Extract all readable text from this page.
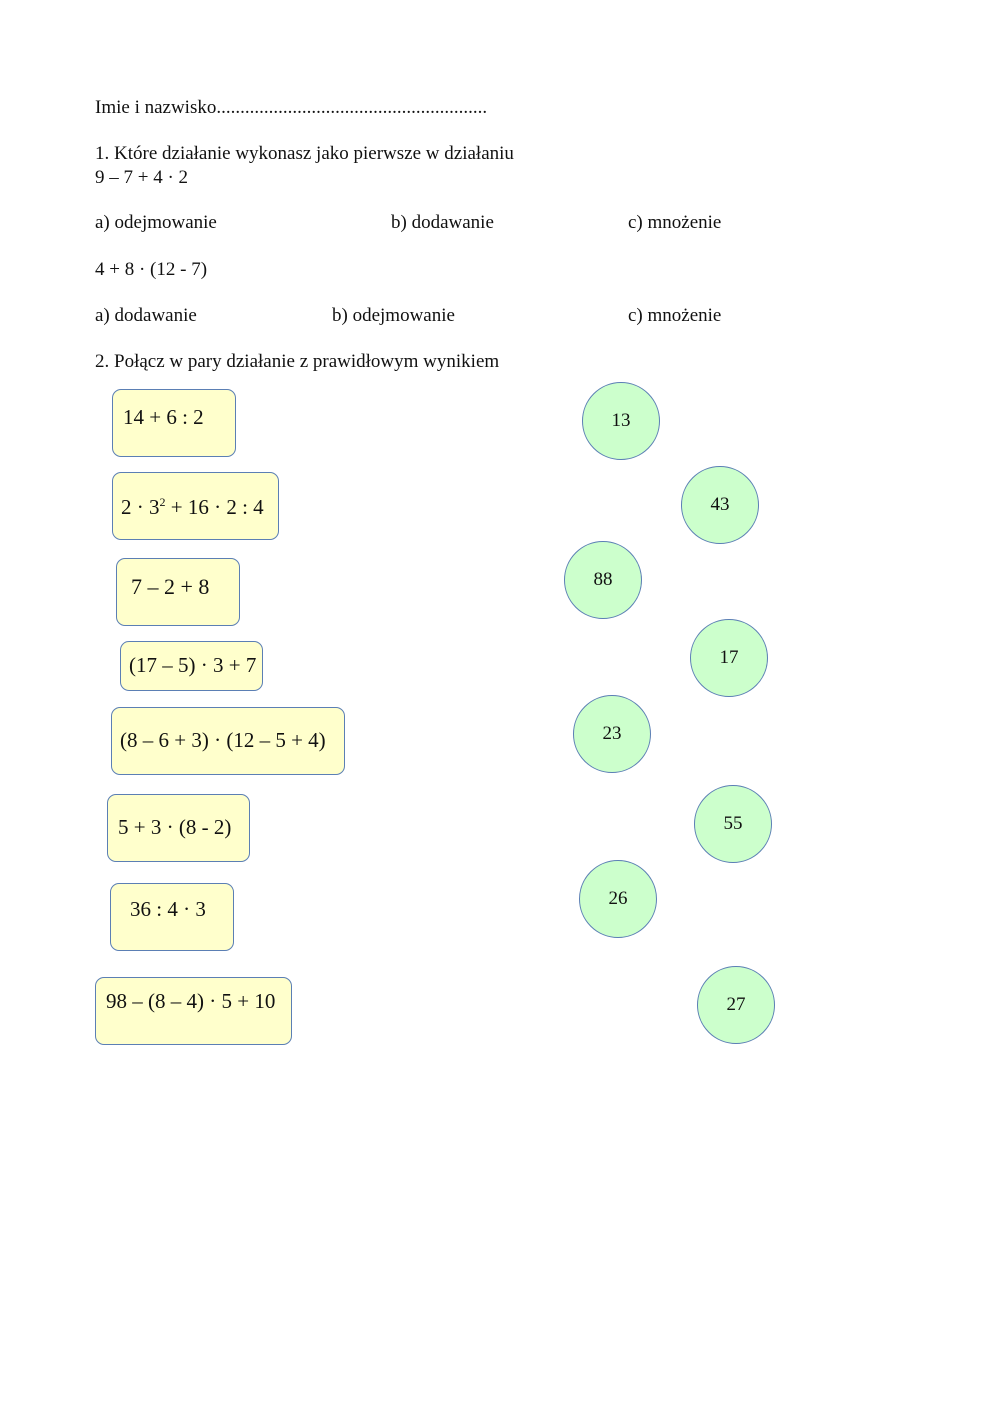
Imie i nazwisko.........................................................
1. Które działanie wykonasz jako pierwsze w działaniu
9 – 7 + 4 · 2
a) odejmowanie	b) dodawanie	c) mnożenie
4 + 8 · (12 - 7)
a) dodawanie	b) odejmowanie	c) mnożenie
2. Połącz w pary działanie z prawidłowym wynikiem
14 + 6 : 2
$2 \cdot 3^2 + 16 \cdot 2$ : 4
7 – 2 + 8
(17 – 5) · 3 + 7
(8 – 6 + 3) · (12 – 5 + 4)
5 + 3 · (8 - 2)
36 : 4 · 3
98 – (8 – 4) · 5 + 10
13
43
88
17
23
55
26
27
